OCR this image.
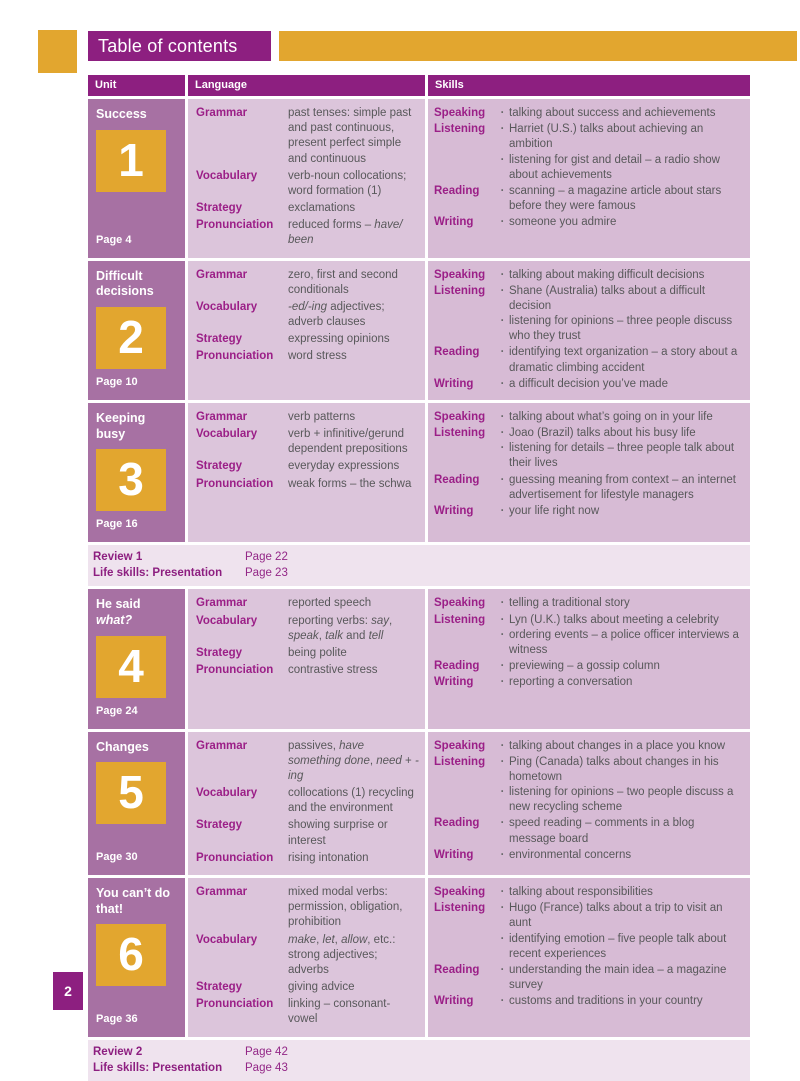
Table of contents
Unit	Language	Skills
Success
1
Page 4
Grammar	past tenses: simple past and past continuous, present perfect simple and continuous
Vocabulary	verb-noun collocations; word formation (1)
Strategy	exclamations
Pronunciation	reduced forms – have/ been
Speaking	· talking about success and achievements
Listening	· Harriet (U.S.) talks about achieving an ambition
· listening for gist and detail – a radio show about achievements
Reading	· scanning – a magazine article about stars before they were famous
Writing	· someone you admire
Difficult decisions
2
Page 10
Grammar	zero, first and second conditionals
Vocabulary	-ed/-ing adjectives; adverb clauses
Strategy	expressing opinions
Pronunciation	word stress
Speaking	· talking about making difficult decisions
Listening	· Shane (Australia) talks about a difficult decision
· listening for opinions – three people discuss who they trust
Reading	· identifying text organization – a story about a dramatic climbing accident
Writing	· a difficult decision you’ve made
Keeping busy
3
Page 16
Grammar	verb patterns
Vocabulary	verb + infinitive/gerund dependent prepositions
Strategy	everyday expressions
Pronunciation	weak forms – the schwa
Speaking	· talking about what’s going on in your life
Listening	· Joao (Brazil) talks about his busy life
· listening for details – three people talk about their lives
Reading	· guessing meaning from context – an internet advertisement for lifestyle managers
Writing	· your life right now
Review 1	Page 22
Life skills: Presentation	Page 23
He said what?
4
Page 24
Grammar	reported speech
Vocabulary	reporting verbs: say, speak, talk and tell
Strategy	being polite
Pronunciation	contrastive stress
Speaking	· telling a traditional story
Listening	· Lyn (U.K.) talks about meeting a celebrity
· ordering events – a police officer interviews a witness
Reading	· previewing – a gossip column
Writing	· reporting a conversation
Changes
5
Page 30
Grammar	passives, have something done, need + -ing
Vocabulary	collocations (1) recycling and the environment
Strategy	showing surprise or interest
Pronunciation	rising intonation
Speaking	· talking about changes in a place you know
Listening	· Ping (Canada) talks about changes in his hometown
· listening for opinions – two people discuss a new recycling scheme
Reading	· speed reading – comments in a blog message board
Writing	· environmental concerns
You can’t do that!
6
Page 36
Grammar	mixed modal verbs: permission, obligation, prohibition
Vocabulary	make, let, allow, etc.: strong adjectives; adverbs
Strategy	giving advice
Pronunciation	linking – consonant-vowel
Speaking	· talking about responsibilities
Listening	· Hugo (France) talks about a trip to visit an aunt
· identifying emotion – five people talk about recent experiences
Reading	· understanding the main idea – a magazine survey
Writing	· customs and traditions in your country
Review 2	Page 42
Life skills: Presentation	Page 43
2
